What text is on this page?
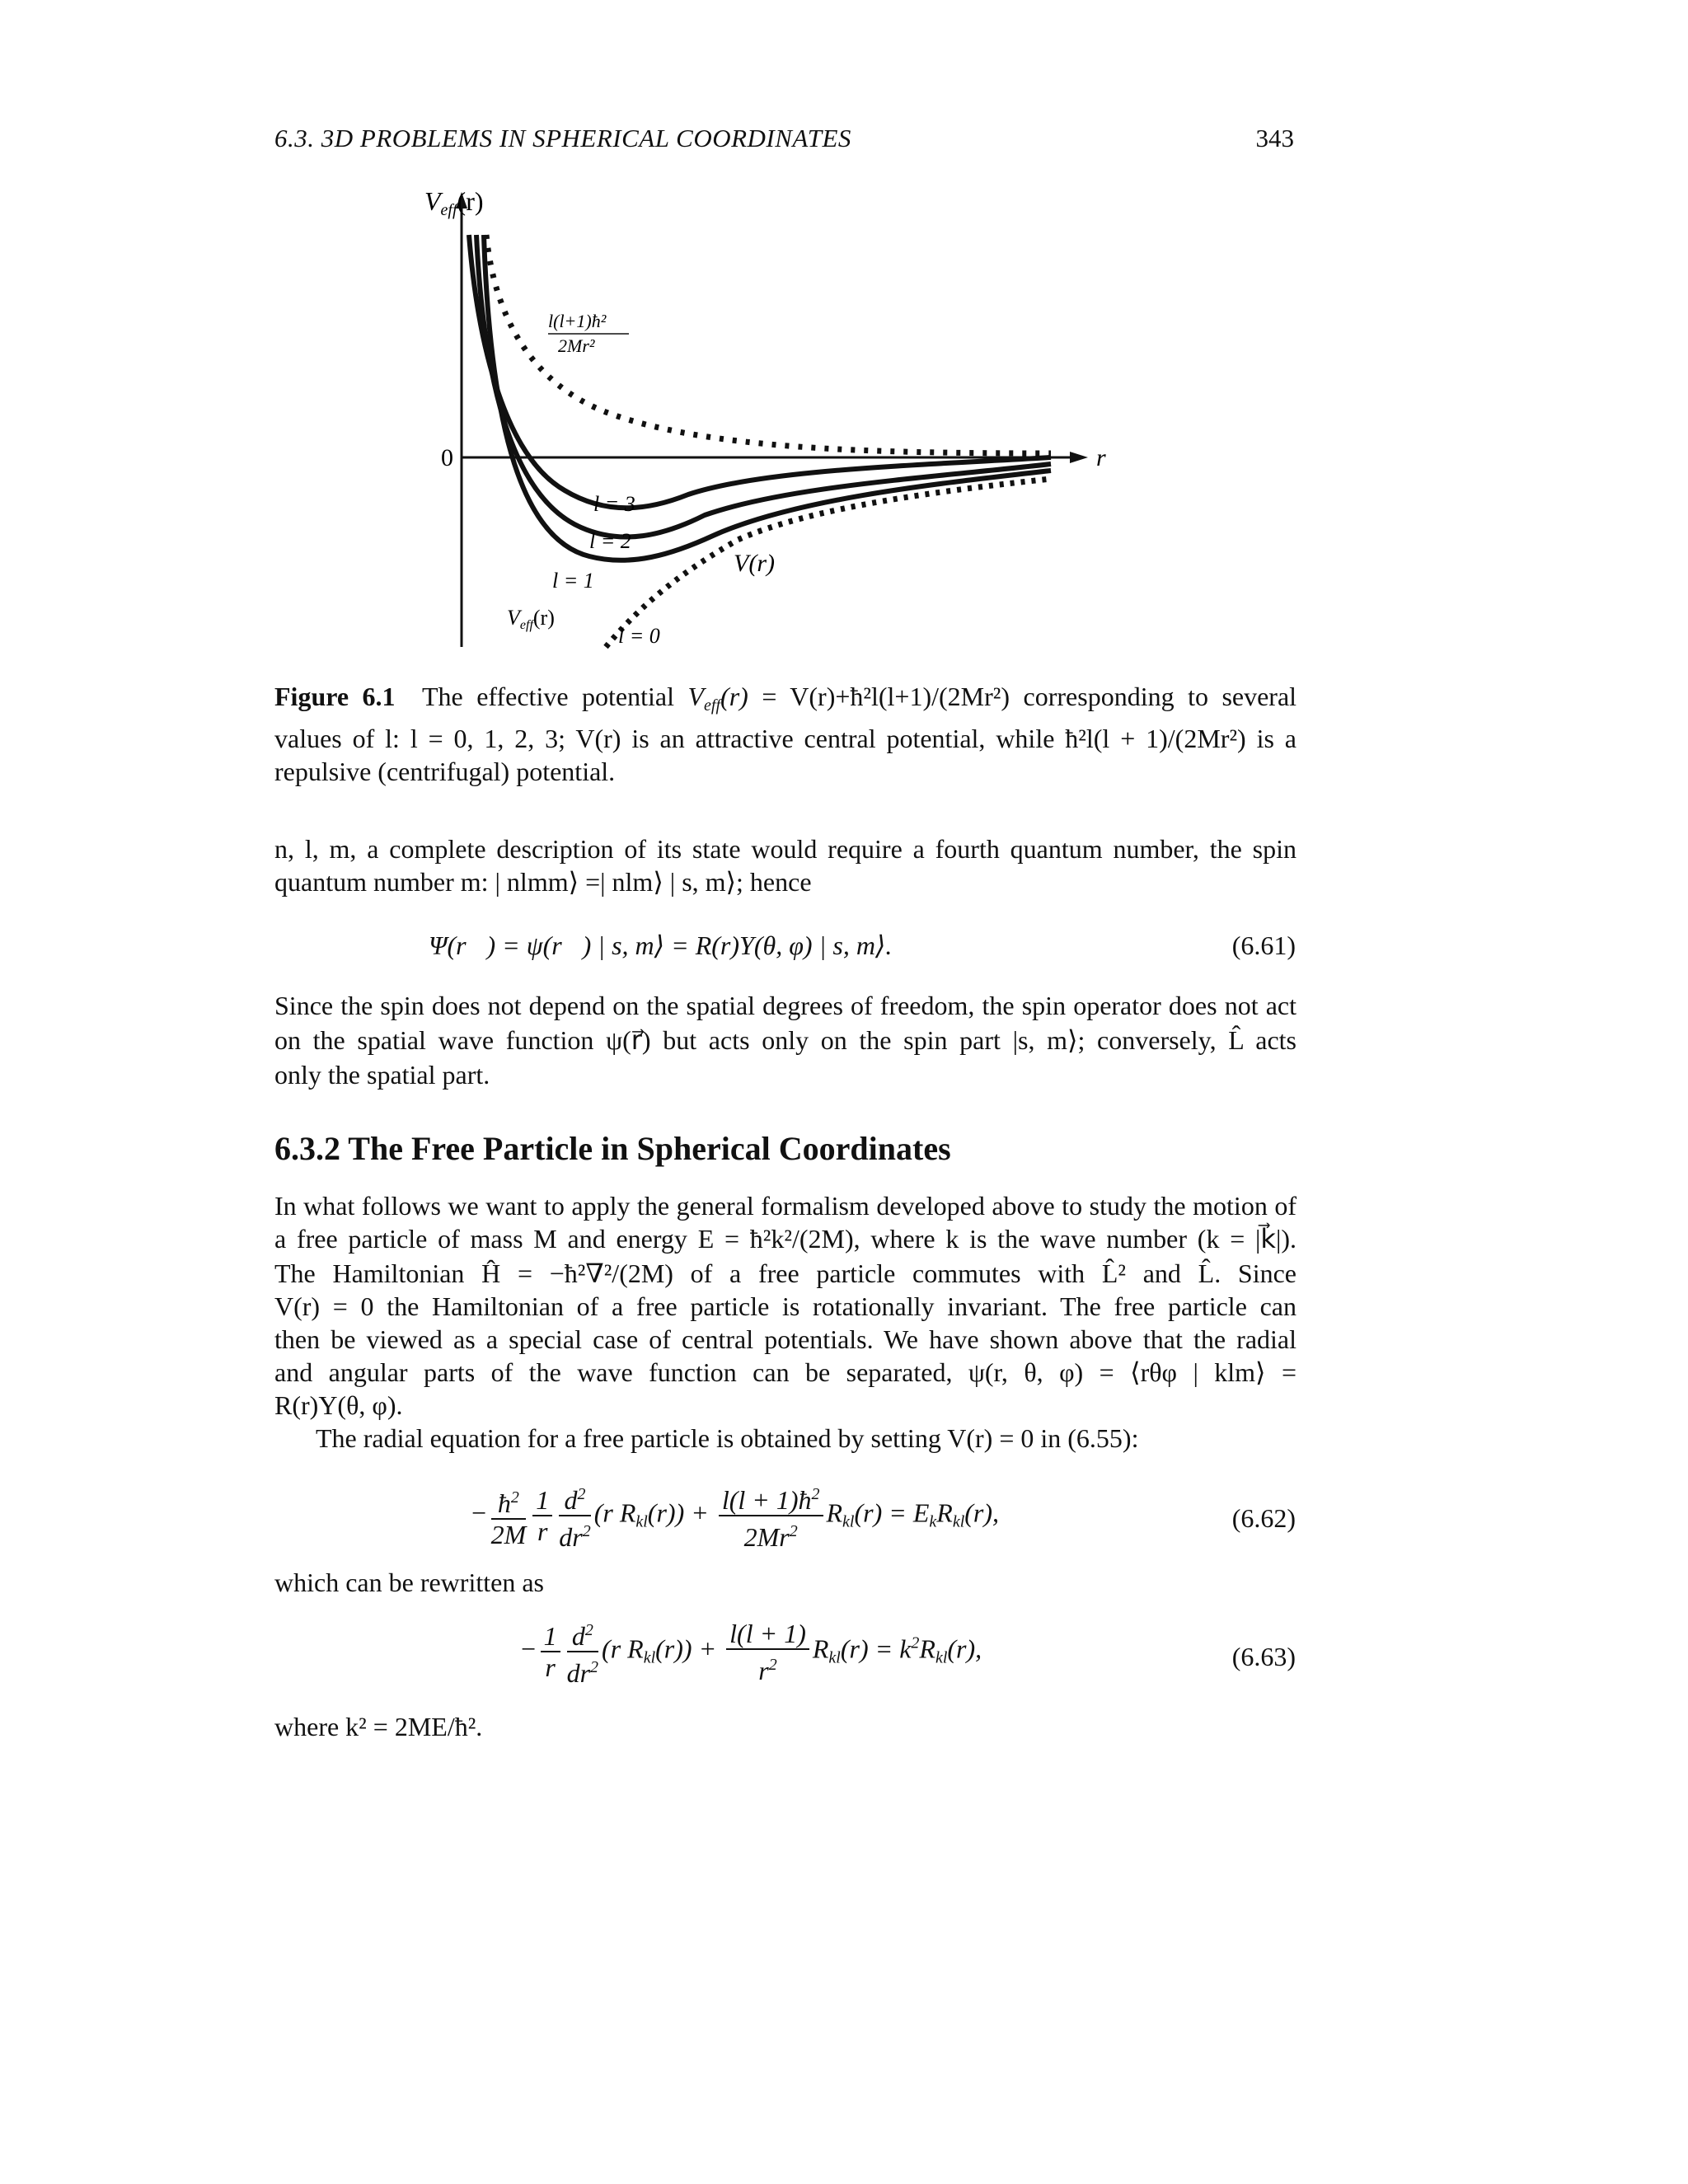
6.3. 3D PROBLEMS IN SPHERICAL COORDINATES	343
Veff(r)
0	r
l(l+1)ħ²
2Mr²
l = 3
l = 2
l = 1
l = 0
V(r)
Veff(r)
Figure 6.1 The effective potential $V_{eff}(r)$ = V(r)+ħ²l(l+1)/(2Mr²) corresponding to several
values of l: l = 0, 1, 2, 3; V(r) is an attractive central potential, while ħ²l(l + 1)/(2Mr²) is a
repulsive (centrifugal) potential.
n, l, m, a complete description of its state would require a fourth quantum number, the spin
quantum number m: | nlmm⟩ =| nlm⟩ | s, m⟩; hence
Ψ(r⃗) = ψ(r⃗) | s, m⟩ = R(r)Y(θ, φ) | s, m⟩.	(6.61)
Since the spin does not depend on the spatial degrees of freedom, the spin operator does not act
on the spatial wave function ψ(r⃗) but acts only on the spin part |s, m⟩; conversely, L̂ acts
only the spatial part.
6.3.2 The Free Particle in Spherical Coordinates
In what follows we want to apply the general formalism developed above to study the motion of
a free particle of mass M and energy E = ħ²k²/(2M), where k is the wave number (k = |k⃗|).
The Hamiltonian Ĥ = −ħ²∇²/(2M) of a free particle commutes with L̂² and L̂. Since
V(r) = 0 the Hamiltonian of a free particle is rotationally invariant. The free particle can
then be viewed as a special case of central potentials. We have shown above that the radial
and angular parts of the wave function can be separated, ψ(r, θ, φ) = ⟨rθφ | klm⟩ =
R(r)Y(θ, φ).
The radial equation for a free particle is obtained by setting V(r) = 0 in (6.55):
− $\frac{ħ^2}{2M} \frac{1}{r} \frac{d^2}{dr^2} (r$ $R_{kl}(r)) + \frac{l(l + 1)ħ^2}{2Mr^2} R_{kl}(r) = E_kR_{kl}(r)$,	(6.62)
which can be rewritten as
− $\frac{1}{r} \frac{d^2}{dr^2} (r$ $R_{kl}(r)) + \frac{l(l + 1)}{r^2} R_{kl}(r) = k^2R_{kl}(r)$,	(6.63)
where k² = 2ME/ħ².
